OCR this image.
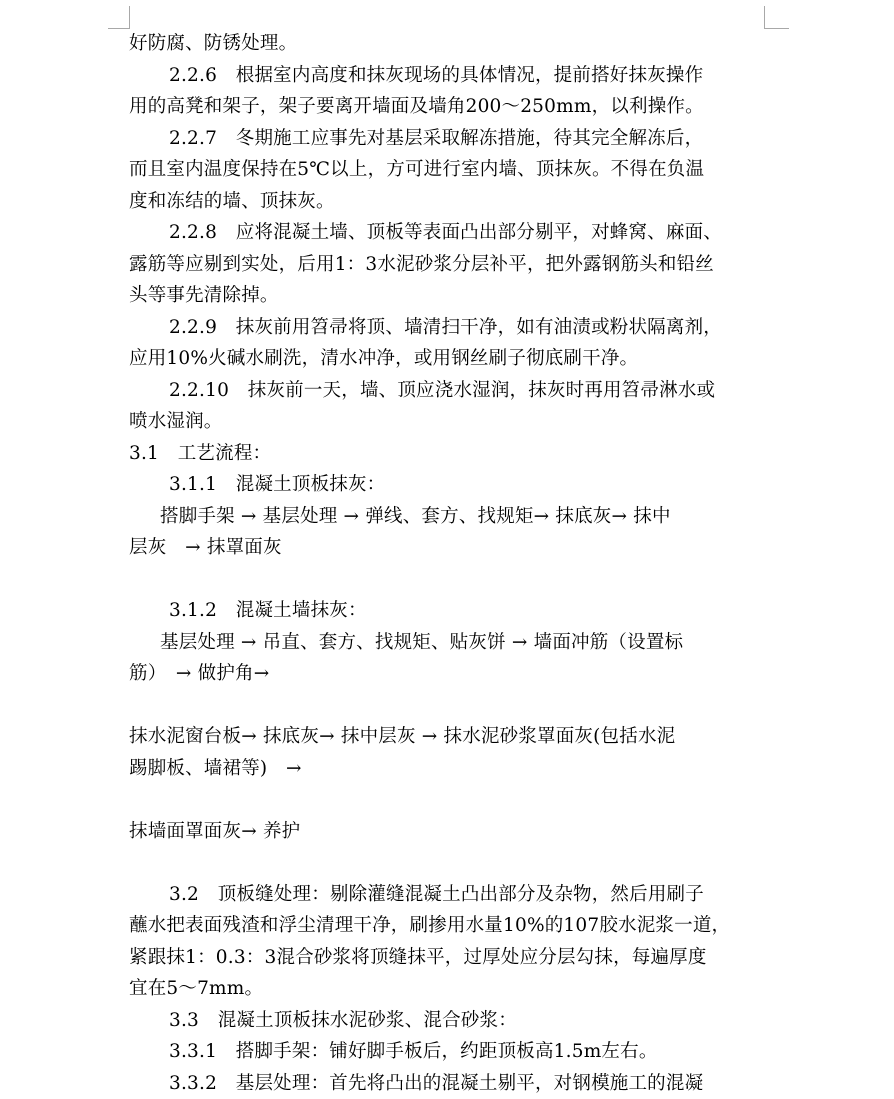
好防腐、防锈处理。

2.2.6　根据室内高度和抹灰现场的具体情况，提前搭好抹灰操作

用的高凳和架子，架子要离开墙面及墙角200～250mm，以利操作。

2.2.7　冬期施工应事先对基层采取解冻措施，待其完全解冻后，

而且室内温度保持在5℃以上，方可进行室内墙、顶抹灰。不得在负温

度和冻结的墙、顶抹灰。

2.2.8　应将混凝土墙、顶板等表面凸出部分剔平，对蜂窝、麻面、

露筋等应剔到实处，后用1：3水泥砂浆分层补平，把外露钢筋头和铅丝

头等事先清除掉。

2.2.9　抹灰前用笤帚将顶、墙清扫干净，如有油渍或粉状隔离剂，

应用10%火碱水刷洗，清水冲净，或用钢丝刷子彻底刷干净。

2.2.10　抹灰前一天，墙、顶应浇水湿润，抹灰时再用笤帚淋水或

喷水湿润。

3.1　工艺流程：

3.1.1　混凝土顶板抹灰：

搭脚手架 → 基层处理 → 弹线、套方、找规矩→ 抹底灰→ 抹中

层灰　→ 抹罩面灰

3.1.2　混凝土墙抹灰：

基层处理 → 吊直、套方、找规矩、贴灰饼 → 墙面冲筋（设置标

筋）　→ 做护角→

抹水泥窗台板→ 抹底灰→ 抹中层灰 → 抹水泥砂浆罩面灰(包括水泥

踢脚板、墙裙等)　→

抹墙面罩面灰→ 养护

3.2　顶板缝处理：剔除灌缝混凝土凸出部分及杂物，然后用刷子

蘸水把表面残渣和浮尘清理干净，刷掺用水量10%的107胶水泥浆一道，

紧跟抹1：0.3：3混合砂浆将顶缝抹平，过厚处应分层勾抹，每遍厚度

宜在5～7mm。

3.3　混凝土顶板抹水泥砂浆、混合砂浆：

3.3.1　搭脚手架：铺好脚手板后，约距顶板高1.5m左右。

3.3.2　基层处理：首先将凸出的混凝土剔平，对钢模施工的混凝
